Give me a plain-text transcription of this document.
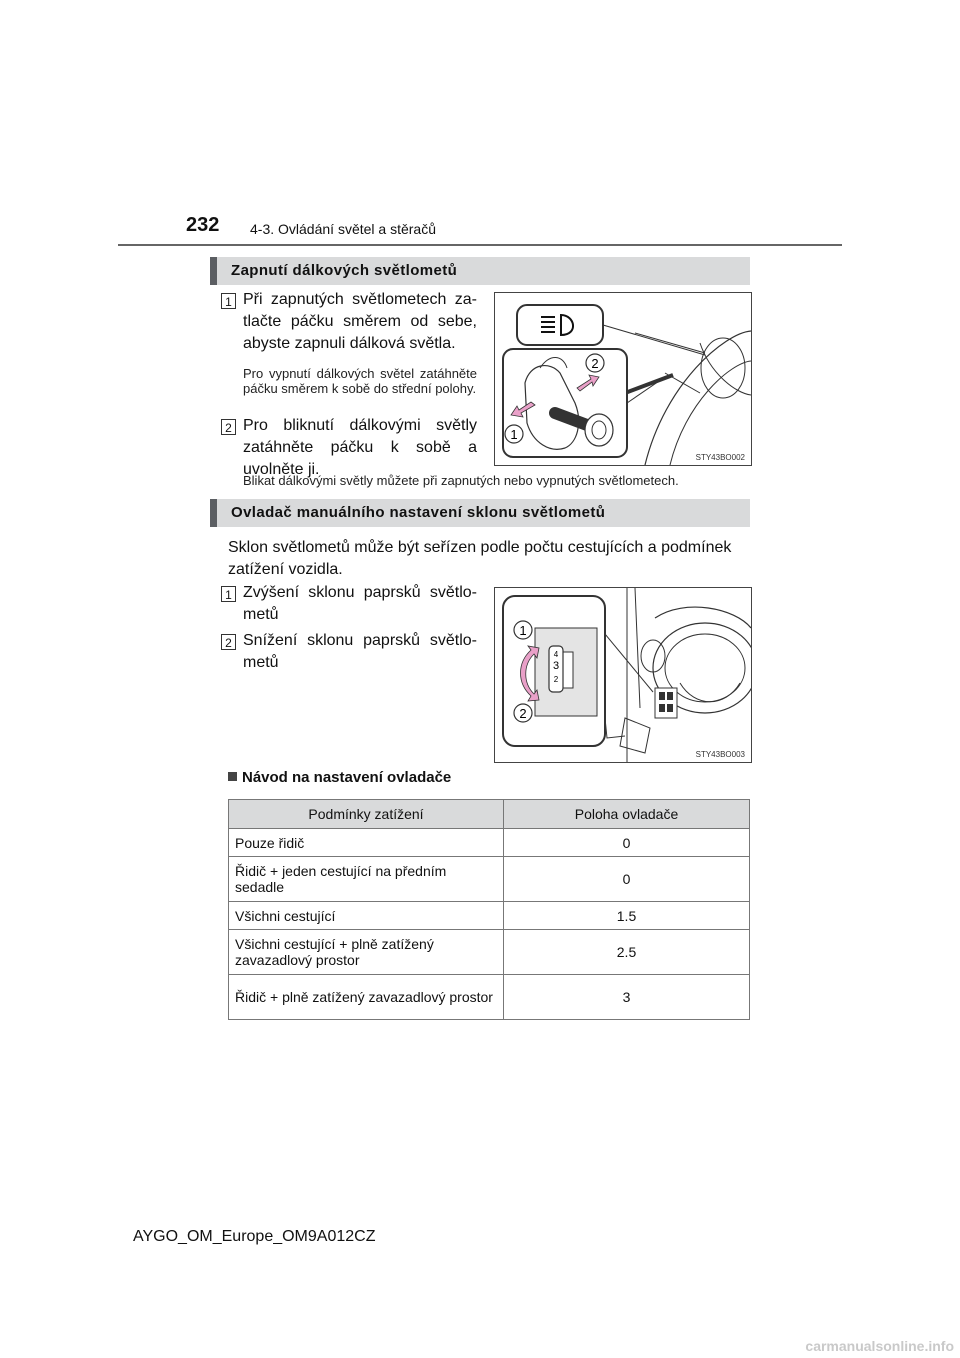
232 4-3. Ovládání světel a stěračů
Zapnutí dálkových světlometů
1 Při zapnutých světlometech zatlačte páčku směrem od sebe, abyste zapnuli dálková světla.
Pro vypnutí dálkových světel zatáhněte páčku směrem k sobě do střední polohy.
2 Pro bliknutí dálkovými světly zatáhněte páčku k sobě a uvolněte ji.
2
1
STY43BO002
Blikat dálkovými světly můžete při zapnutých nebo vypnutých světlometech.
Ovladač manuálního nastavení sklonu světlometů
Sklon světlometů může být seřízen podle počtu cestujících a podmínek zatížení vozidla.
1 Zvýšení sklonu paprsků světlometů
2 Snížení sklonu paprsků světlometů	4
3
2
1
2
STY43BO003
Návod na nastavení ovladače
Podmínky zatížení	Poloha ovladače
Pouze řidič	0
Řidič + jeden cestující na předním sedadle	0
Všichni cestující	1.5
Všichni cestující + plně zatížený zavazadlový prostor	2.5
Řidič + plně zatížený zavazadlový prostor	3
AYGO_OM_Europe_OM9A012CZ
carmanualsonline.info
